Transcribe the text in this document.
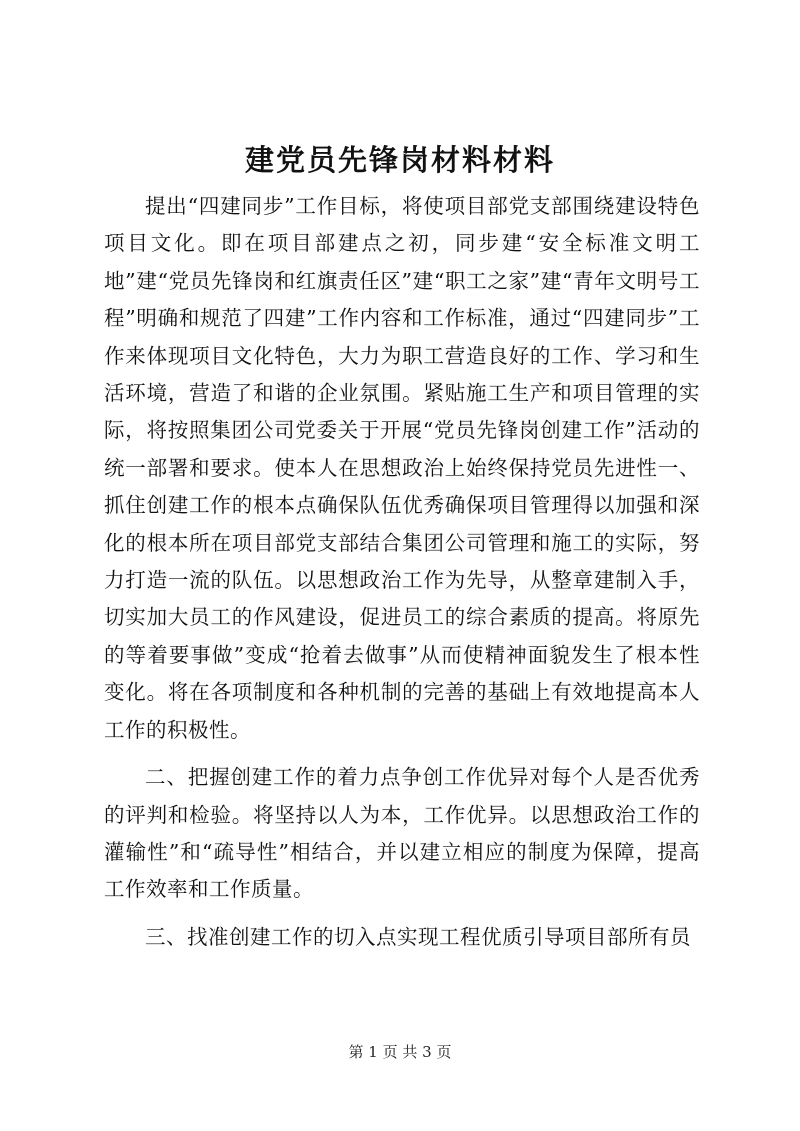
建党员先锋岗材料材料

提出“四建同步”工作目标，将使项目部党支部围绕建设特色项目文化。即在项目部建点之初，同步建“安全标准文明工地”建“党员先锋岗和红旗责任区”建“职工之家”建“青年文明号工程”明确和规范了四建”工作内容和工作标准，通过“四建同步”工作来体现项目文化特色，大力为职工营造良好的工作、学习和生活环境，营造了和谐的企业氛围。紧贴施工生产和项目管理的实际，将按照集团公司党委关于开展“党员先锋岗创建工作”活动的统一部署和要求。使本人在思想政治上始终保持党员先进性一、抓住创建工作的根本点确保队伍优秀确保项目管理得以加强和深化的根本所在项目部党支部结合集团公司管理和施工的实际，努力打造一流的队伍。以思想政治工作为先导，从整章建制入手，切实加大员工的作风建设，促进员工的综合素质的提高。将原先的等着要事做”变成“抢着去做事”从而使精神面貌发生了根本性变化。将在各项制度和各种机制的完善的基础上有效地提高本人工作的积极性。

二、把握创建工作的着力点争创工作优异对每个人是否优秀的评判和检验。将坚持以人为本，工作优异。以思想政治工作的灌输性”和“疏导性”相结合，并以建立相应的制度为保障，提高工作效率和工作质量。

三、找准创建工作的切入点实现工程优质引导项目部所有员

第 1 页 共 3 页
